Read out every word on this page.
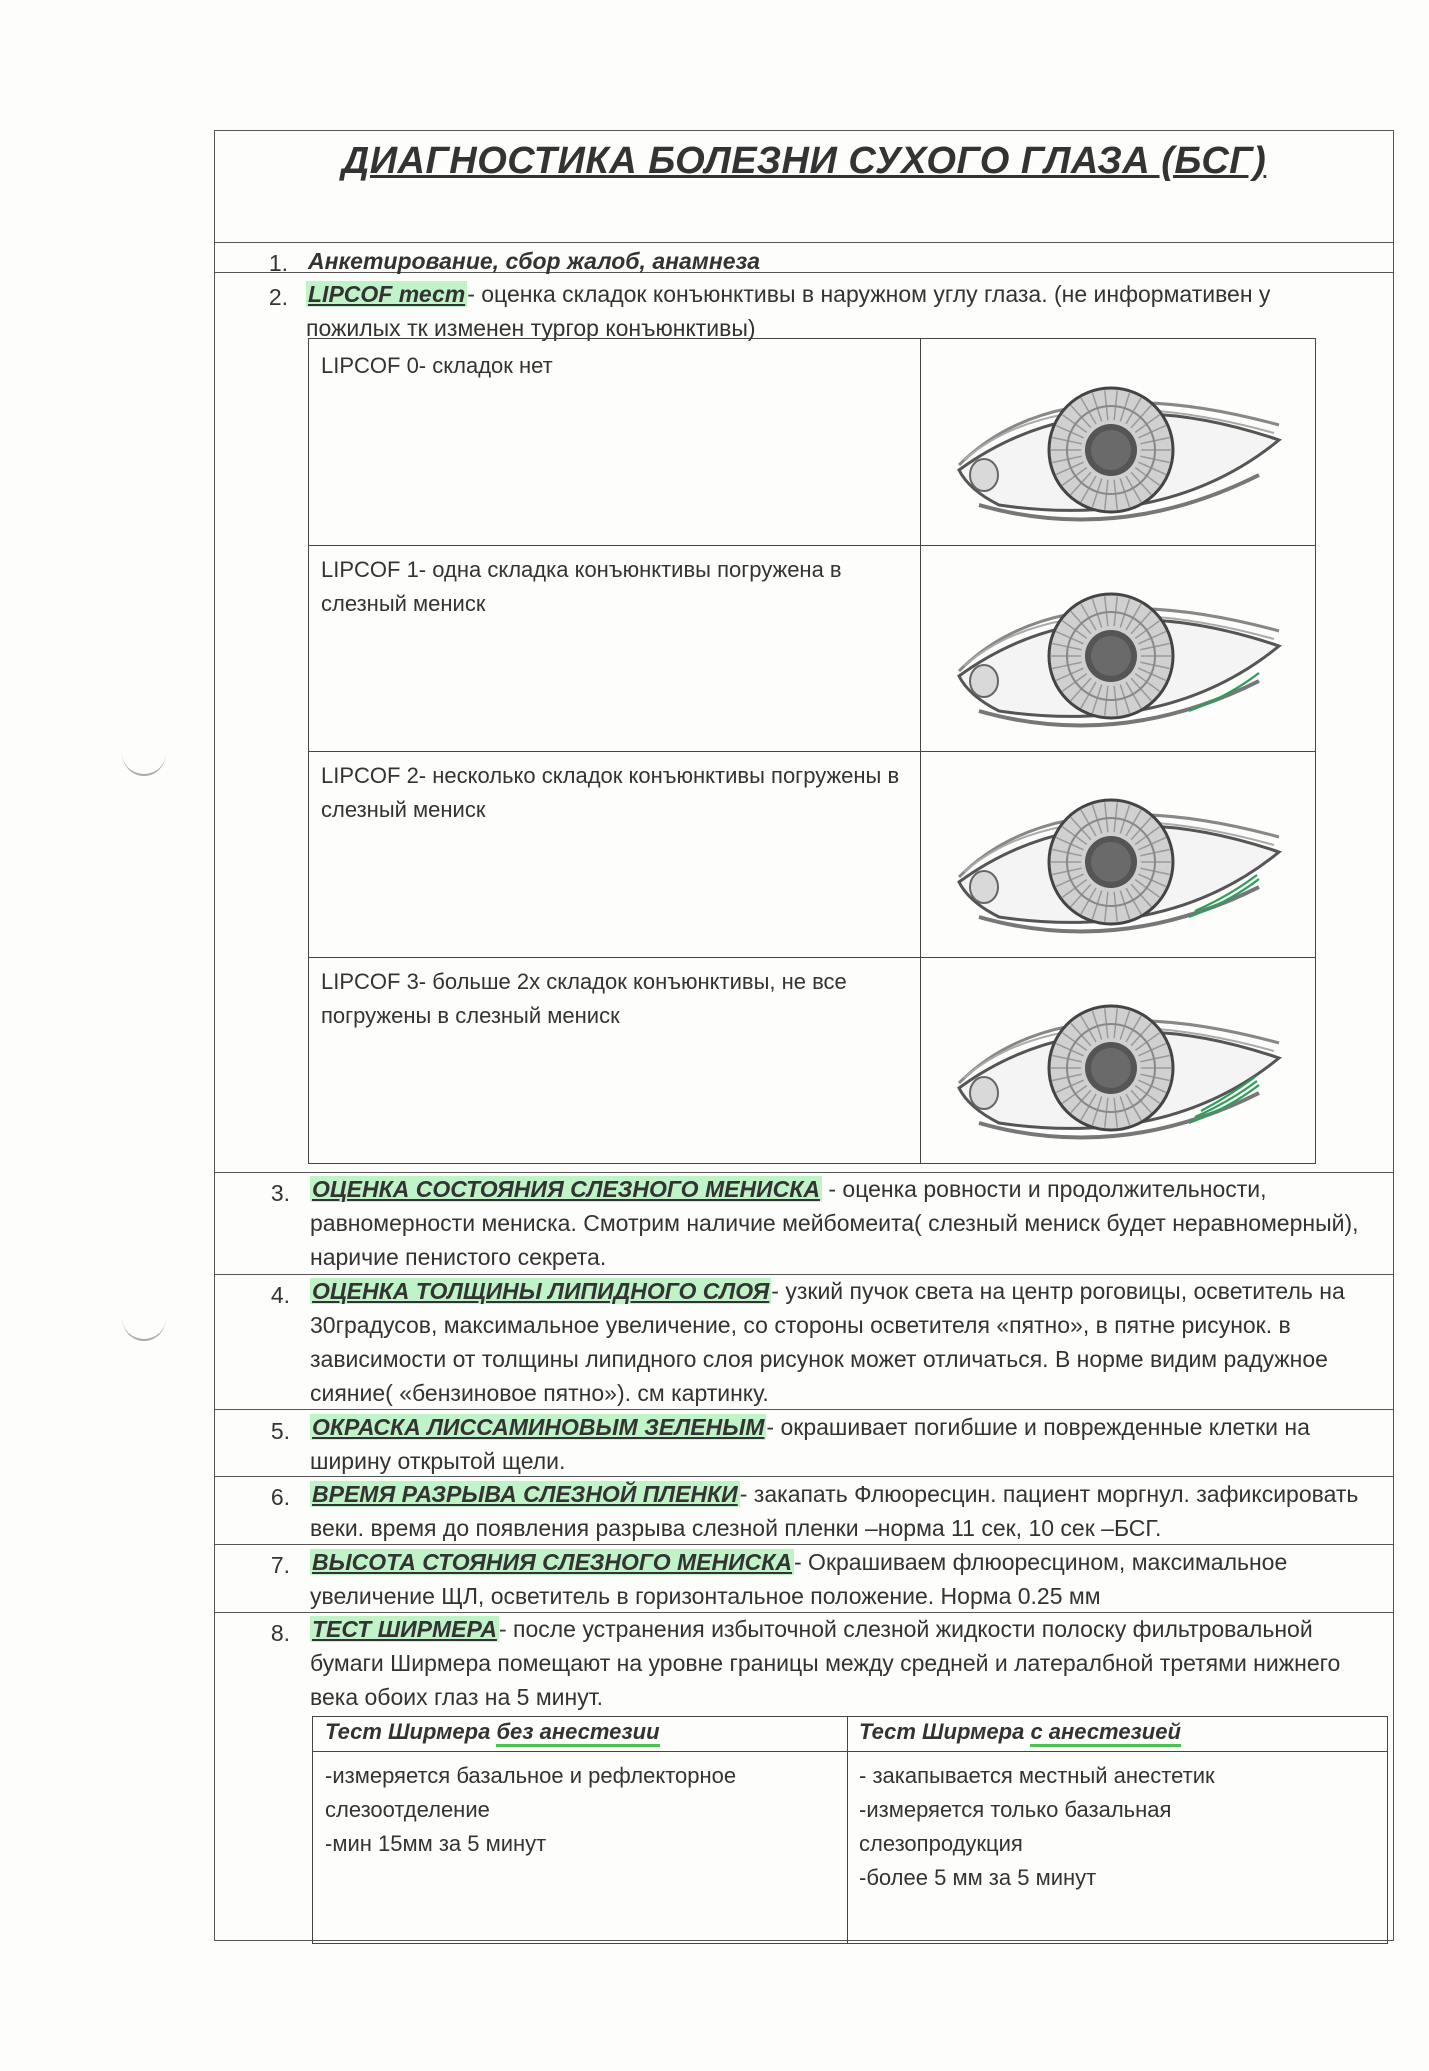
ДИАГНОСТИКА БОЛЕЗНИ СУХОГО ГЛАЗА (БСГ)
1. Анкетирование, сбор жалоб, анамнеза
2. LIPCOF тест- оценка складок конъюнктивы в наружном углу глаза. (не информативен у пожилых тк изменен тургор конъюнктивы)
LIPCOF 0- складок нет
LIPCOF 1- одна складка конъюнктивы погружена в слезный мениск
LIPCOF 2- несколько складок конъюнктивы погружены в слезный мениск
LIPCOF 3- больше 2х складок конъюнктивы, не все погружены в слезный мениск
3. ОЦЕНКА СОСТОЯНИЯ СЛЕЗНОГО МЕНИСКА - оценка ровности и продолжительности, равномерности мениска. Смотрим наличие мейбомеита( слезный мениск будет неравномерный), наричие пенистого секрета.
4. ОЦЕНКА ТОЛЩИНЫ ЛИПИДНОГО СЛОЯ- узкий пучок света на центр роговицы, осветитель на 30градусов, максимальное увеличение, со стороны осветителя «пятно», в пятне рисунок. в зависимости от толщины липидного слоя рисунок может отличаться. В норме видим радужное сияние( «бензиновое пятно»). см картинку.
5. ОКРАСКА ЛИССАМИНОВЫМ ЗЕЛЕНЫМ- окрашивает погибшие и поврежденные клетки на ширину открытой щели.
6. ВРЕМЯ РАЗРЫВА СЛЕЗНОЙ ПЛЕНКИ- закапать Флюоресцин. пациент моргнул. зафиксировать веки. время до появления разрыва слезной пленки –норма 11 сек, 10 сек –БСГ.
7. ВЫСОТА СТОЯНИЯ СЛЕЗНОГО МЕНИСКА- Окрашиваем флюоресцином, максимальное увеличение ЩЛ, осветитель в горизонтальное положение. Норма 0.25 мм
8. ТЕСТ ШИРМЕРА- после устранения избыточной слезной жидкости полоску фильтровальной бумаги Ширмера помещают на уровне границы между средней и латералбной третями нижнего века обоих глаз на 5 минут.
Тест Ширмера без анестезии	Тест Ширмера с анестезией
-измеряется базальное и рефлекторное
слезоотделение
-мин 15мм за 5 минут
- закапывается местный анестетик
-измеряется только базальная
слезопродукция
-более 5 мм за 5 минут
